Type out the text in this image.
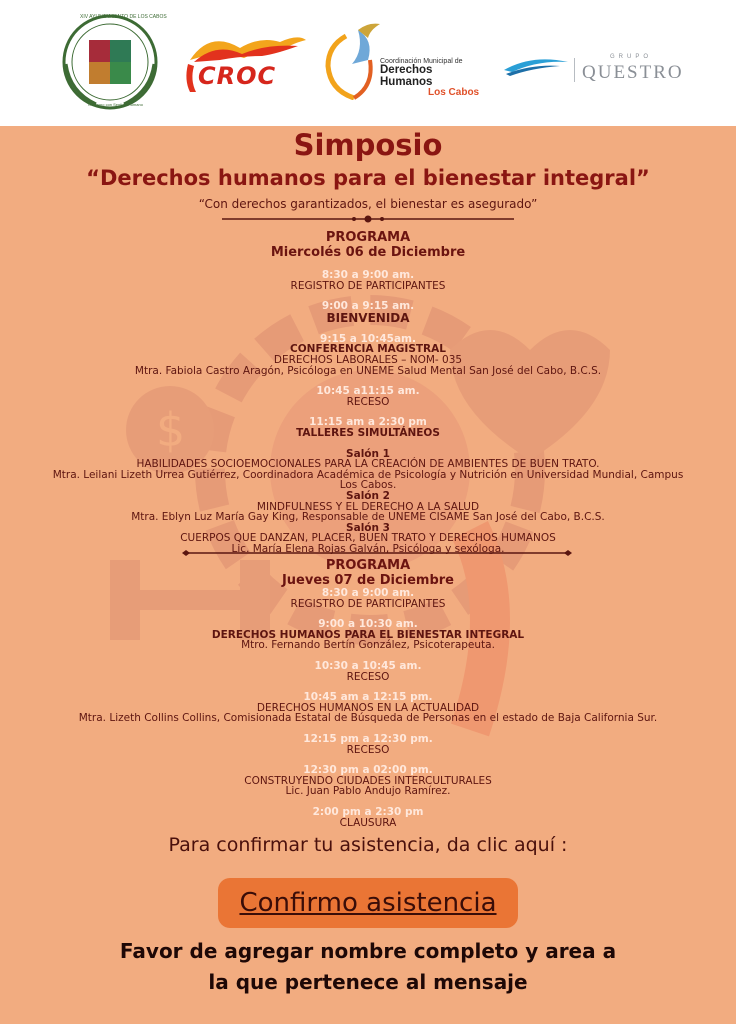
XIV AYUNTAMIENTO DE LOS CABOS
Gobierno con Sentido Humano
CROC
Coordinación Municipal de
Derechos Humanos
Los Cabos
GRUPO
QUESTRO
$
Simposio
“Derechos humanos para el bienestar integral”
“Con derechos garantizados, el bienestar es asegurado”
PROGRAMA
Miercolés 06 de Diciembre
8:30 a 9:00 am.
REGISTRO DE PARTICIPANTES
9:00 a 9:15 am.
BIENVENIDA
9:15 a 10:45am.
CONFERENCIA MAGISTRAL
DERECHOS LABORALES – NOM- 035
Mtra. Fabiola Castro Aragón, Psicóloga en UNEME Salud Mental San José del Cabo, B.C.S.
10:45 a11:15 am.
RECESO
11:15 am a 2:30 pm
TALLERES SIMULTÁNEOS
Salón 1
HABILIDADES SOCIOEMOCIONALES PARA LA CREACIÓN DE AMBIENTES DE BUEN TRATO.
Mtra. Leilani Lizeth Urrea Gutiérrez, Coordinadora Académica de Psicología y Nutrición en Universidad Mundial, Campus
Los Cabos.
Salón 2
MINDFULNESS Y EL DERECHO A LA SALUD
Mtra. Eblyn Luz María Gay King, Responsable de UNEME CISAME San José del Cabo, B.C.S.
Salón 3
CUERPOS QUE DANZAN, PLACER, BUEN TRATO Y DERECHOS HUMANOS
Lic. María Elena Rojas Galván, Psicóloga y sexóloga.
PROGRAMA
Jueves 07 de Diciembre
8:30 a 9:00 am.
REGISTRO DE PARTICIPANTES
9:00 a 10:30 am.
DERECHOS HUMANOS PARA EL BIENESTAR INTEGRAL
Mtro. Fernando Bertín González, Psicoterapeuta.
10:30 a 10:45 am.
RECESO
10:45 am a 12:15 pm.
DERECHOS HUMANOS EN LA ACTUALIDAD
Mtra. Lizeth Collins Collins, Comisionada Estatal de Búsqueda de Personas en el estado de Baja California Sur.
12:15 pm a 12:30 pm.
RECESO
12:30 pm a 02:00 pm.
CONSTRUYENDO CIUDADES INTERCULTURALES
Lic. Juan Pablo Andujo Ramírez.
2:00 pm a 2:30 pm
CLAUSURA
Para confirmar tu asistencia, da clic aquí :
Confirmo asistencia
Favor de agregar nombre completo y area a
la que pertenece al mensaje
